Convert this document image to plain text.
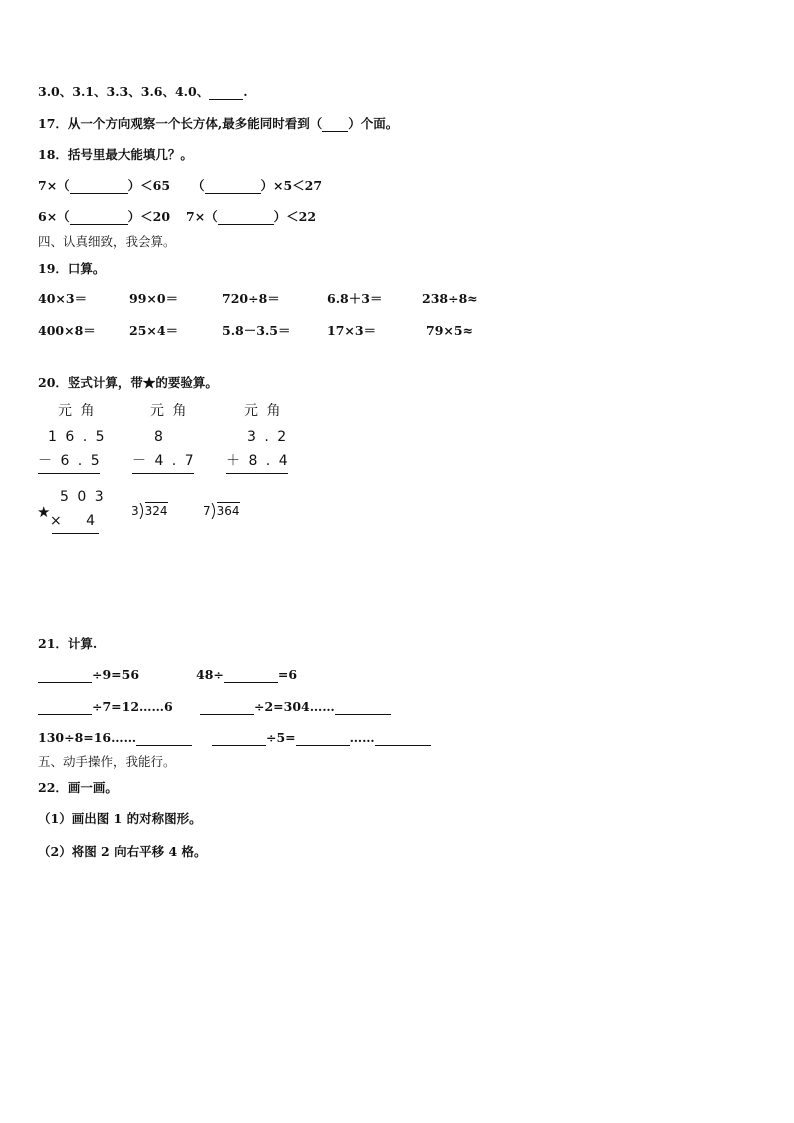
3.0、3.1、3.3、3.6、4.0、	.
17．从一个方向观察一个长方体,最多能同时看到（ ）个面。
18．括号里最大能填几？。
7×（	）＜65 （	）×5＜27
6×（	）＜20 7×（	）＜22
四、认真细致，我会算。
19．口算。
40×3＝	99×0＝	720÷8＝	6.8＋3＝	238÷8≈
400×8＝	25×4＝	5.8－3.5＝	17×3＝	79×5≈
20．竖式计算，带★的要验算。
元 角
1 6 . 5
－ 6 . 5
元 角
8
－ 4 . 7
元 角
3 . 2
＋ 8 . 4
5 0 3
★ ×　 4
3 324	7 364
21．计算.
÷9=56	48÷	=6
÷7=12……6	÷2=304……
130÷8=16……	÷5=	……
五、动手操作，我能行。
22．画一画。
（1）画出图 1 的对称图形。
（2）将图 2 向右平移 4 格。
